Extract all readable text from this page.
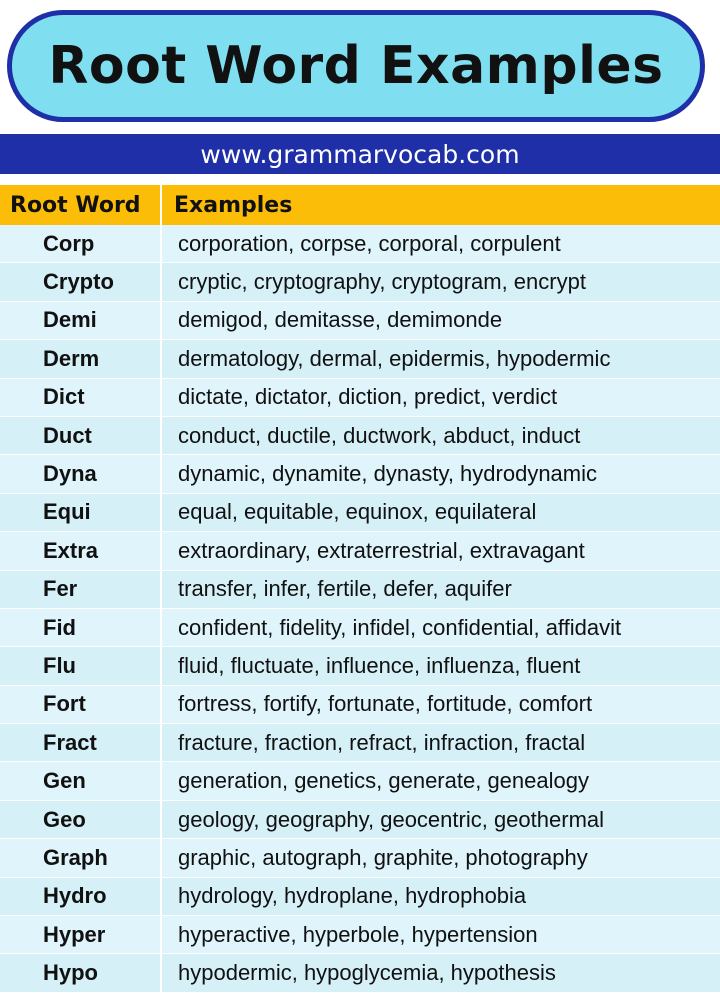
Root Word Examples
www.grammarvocab.com
Root Word	Examples
Corp	corporation, corpse, corporal, corpulent
Crypto	cryptic, cryptography, cryptogram, encrypt
Demi	demigod, demitasse, demimonde
Derm	dermatology, dermal, epidermis, hypodermic
Dict	dictate, dictator, diction, predict, verdict
Duct	conduct, ductile, ductwork, abduct, induct
Dyna	dynamic, dynamite, dynasty, hydrodynamic
Equi	equal, equitable, equinox, equilateral
Extra	extraordinary, extraterrestrial, extravagant
Fer	transfer, infer, fertile, defer, aquifer
Fid	confident, fidelity, infidel, confidential, affidavit
Flu	fluid, fluctuate, influence, influenza, fluent
Fort	fortress, fortify, fortunate, fortitude, comfort
Fract	fracture, fraction, refract, infraction, fractal
Gen	generation, genetics, generate, genealogy
Geo	geology, geography, geocentric, geothermal
Graph	graphic, autograph, graphite, photography
Hydro	hydrology, hydroplane, hydrophobia
Hyper	hyperactive, hyperbole, hypertension
Hypo	hypodermic, hypoglycemia, hypothesis
